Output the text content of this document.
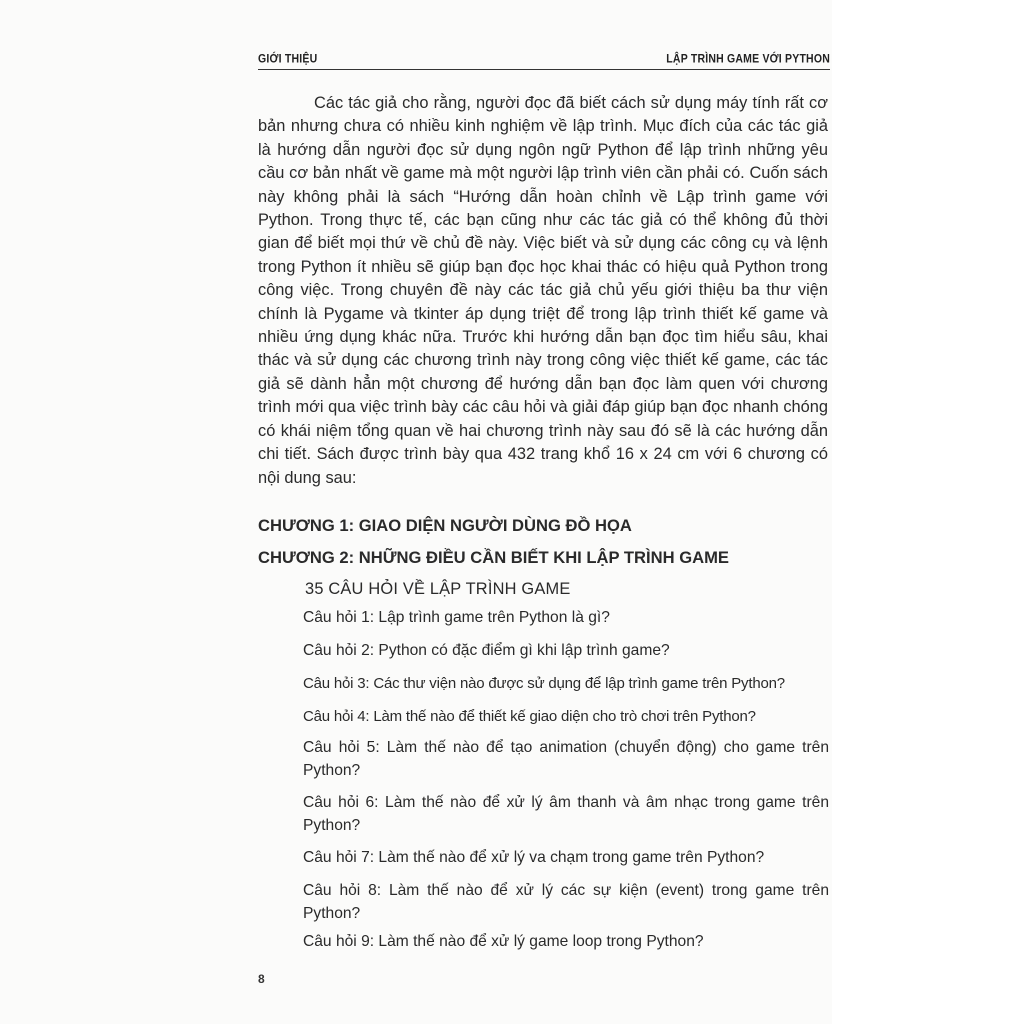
GIỚI THIỆU	LẬP TRÌNH GAME VỚI PYTHON

Các tác giả cho rằng, người đọc đã biết cách sử dụng máy tính rất cơ bản nhưng chưa có nhiều kinh nghiệm về lập trình. Mục đích của các tác giả là hướng dẫn người đọc sử dụng ngôn ngữ Python để lập trình những yêu cầu cơ bản nhất về game mà một người lập trình viên cần phải có. Cuốn sách này không phải là sách “Hướng dẫn hoàn chỉnh về Lập trình game với Python. Trong thực tế, các bạn cũng như các tác giả có thể không đủ thời gian để biết mọi thứ về chủ đề này. Việc biết và sử dụng các công cụ và lệnh trong Python ít nhiều sẽ giúp bạn đọc học khai thác có hiệu quả Python trong công việc. Trong chuyên đề này các tác giả chủ yếu giới thiệu ba thư viện chính là Pygame và tkinter áp dụng triệt để trong lập trình thiết kế game và nhiều ứng dụng khác nữa. Trước khi hướng dẫn bạn đọc tìm hiểu sâu, khai thác và sử dụng các chương trình này trong công việc thiết kế game, các tác giả sẽ dành hẳn một chương để hướng dẫn bạn đọc làm quen với chương trình mới qua việc trình bày các câu hỏi và giải đáp giúp bạn đọc nhanh chóng có khái niệm tổng quan về hai chương trình này sau đó sẽ là các hướng dẫn chi tiết. Sách được trình bày qua 432 trang khổ 16 x 24 cm với 6 chương có nội dung sau:

CHƯƠNG 1: GIAO DIỆN NGƯỜI DÙNG ĐỒ HỌA

CHƯƠNG 2: NHỮNG ĐIỀU CẦN BIẾT KHI LẬP TRÌNH GAME

35 CÂU HỎI VỀ LẬP TRÌNH GAME

Câu hỏi 1: Lập trình game trên Python là gì?

Câu hỏi 2: Python có đặc điểm gì khi lập trình game?

Câu hỏi 3: Các thư viện nào được sử dụng để lập trình game trên Python?

Câu hỏi 4: Làm thế nào để thiết kế giao diện cho trò chơi trên Python?

Câu hỏi 5: Làm thế nào để tạo animation (chuyển động) cho game trên Python?

Câu hỏi 6: Làm thế nào để xử lý âm thanh và âm nhạc trong game trên Python?

Câu hỏi 7: Làm thế nào để xử lý va chạm trong game trên Python?

Câu hỏi 8: Làm thế nào để xử lý các sự kiện (event) trong game trên Python?

Câu hỏi 9: Làm thế nào để xử lý game loop trong Python?

8
